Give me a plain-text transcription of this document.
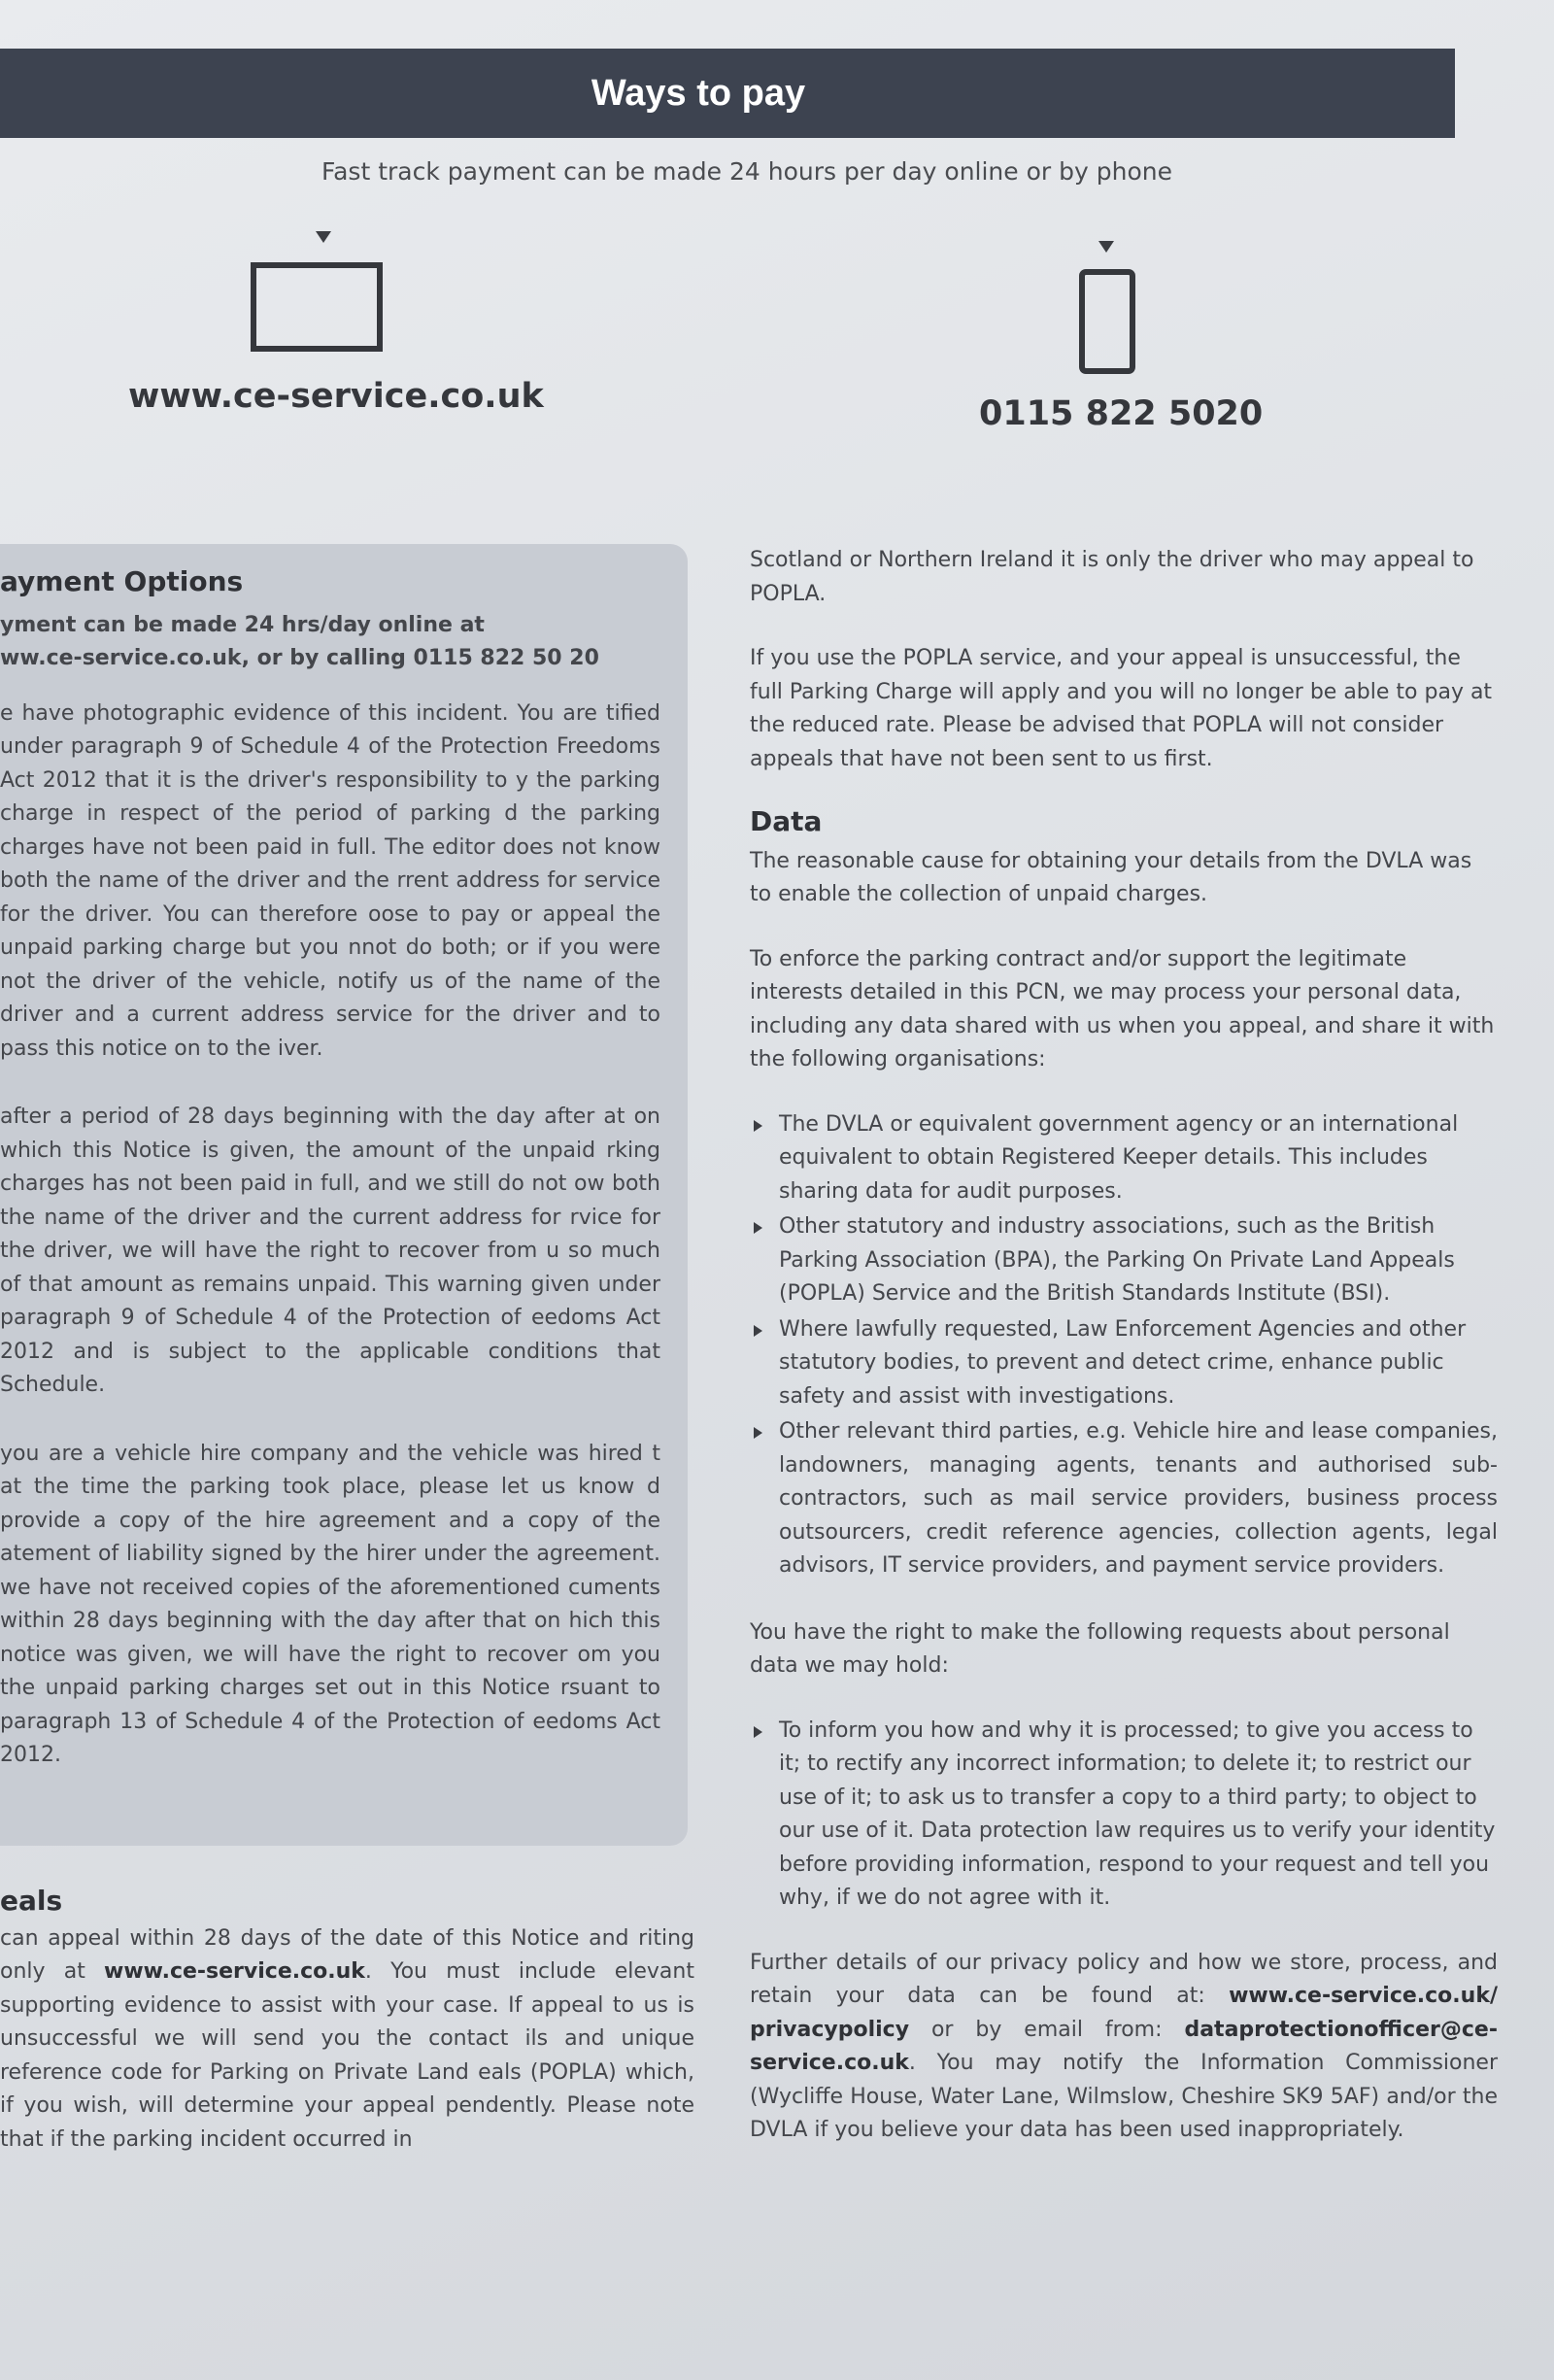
Ways to pay
Fast track payment can be made 24 hours per day online or by phone
www.ce-service.co.uk	0115 822 5020
ayment Options

yment can be made 24 hrs/day online at

ww.ce-service.co.uk, or by calling 0115 822 50 20

e have photographic evidence of this incident. You are tified under paragraph 9 of Schedule 4 of the Protection Freedoms Act 2012 that it is the driver's responsibility to y the parking charge in respect of the period of parking d the parking charges have not been paid in full. The editor does not know both the name of the driver and the rrent address for service for the driver. You can therefore oose to pay or appeal the unpaid parking charge but you nnot do both; or if you were not the driver of the vehicle, notify us of the name of the driver and a current address service for the driver and to pass this notice on to the iver.

after a period of 28 days beginning with the day after at on which this Notice is given, the amount of the unpaid rking charges has not been paid in full, and we still do not ow both the name of the driver and the current address for rvice for the driver, we will have the right to recover from u so much of that amount as remains unpaid. This warning given under paragraph 9 of Schedule 4 of the Protection of eedoms Act 2012 and is subject to the applicable conditions that Schedule.

you are a vehicle hire company and the vehicle was hired t at the time the parking took place, please let us know d provide a copy of the hire agreement and a copy of the atement of liability signed by the hirer under the agreement. we have not received copies of the aforementioned cuments within 28 days beginning with the day after that on hich this notice was given, we will have the right to recover om you the unpaid parking charges set out in this Notice rsuant to paragraph 13 of Schedule 4 of the Protection of eedoms Act 2012.

eals

can appeal within 28 days of the date of this Notice and riting only at www.ce-service.co.uk. You must include elevant supporting evidence to assist with your case. If appeal to us is unsuccessful we will send you the contact ils and unique reference code for Parking on Private Land eals (POPLA) which, if you wish, will determine your appeal pendently. Please note that if the parking incident occurred in

Scotland or Northern Ireland it is only the driver who may appeal to POPLA.

If you use the POPLA service, and your appeal is unsuccessful, the full Parking Charge will apply and you will no longer be able to pay at the reduced rate. Please be advised that POPLA will not consider appeals that have not been sent to us first.

Data

The reasonable cause for obtaining your details from the DVLA was to enable the collection of unpaid charges.

To enforce the parking contract and/or support the legitimate interests detailed in this PCN, we may process your personal data, including any data shared with us when you appeal, and share it with the following organisations:

The DVLA or equivalent government agency or an international equivalent to obtain Registered Keeper details. This includes sharing data for audit purposes.
Other statutory and industry associations, such as the British Parking Association (BPA), the Parking On Private Land Appeals (POPLA) Service and the British Standards Institute (BSI).
Where lawfully requested, Law Enforcement Agencies and other statutory bodies, to prevent and detect crime, enhance public safety and assist with investigations.
Other relevant third parties, e.g. Vehicle hire and lease companies, landowners, managing agents, tenants and authorised sub-contractors, such as mail service providers, business process outsourcers, credit reference agencies, collection agents, legal advisors, IT service providers, and payment service providers.

You have the right to make the following requests about personal data we may hold:

To inform you how and why it is processed; to give you access to it; to rectify any incorrect information; to delete it; to restrict our use of it; to ask us to transfer a copy to a third party; to object to our use of it. Data protection law requires us to verify your identity before providing information, respond to your request and tell you why, if we do not agree with it.

Further details of our privacy policy and how we store, process, and retain your data can be found at: www.ce-service.co.uk/ privacypolicy or by email from: dataprotectionofficer@ce-service.co.uk. You may notify the Information Commissioner (Wycliffe House, Water Lane, Wilmslow, Cheshire SK9 5AF) and/or the DVLA if you believe your data has been used inappropriately.
